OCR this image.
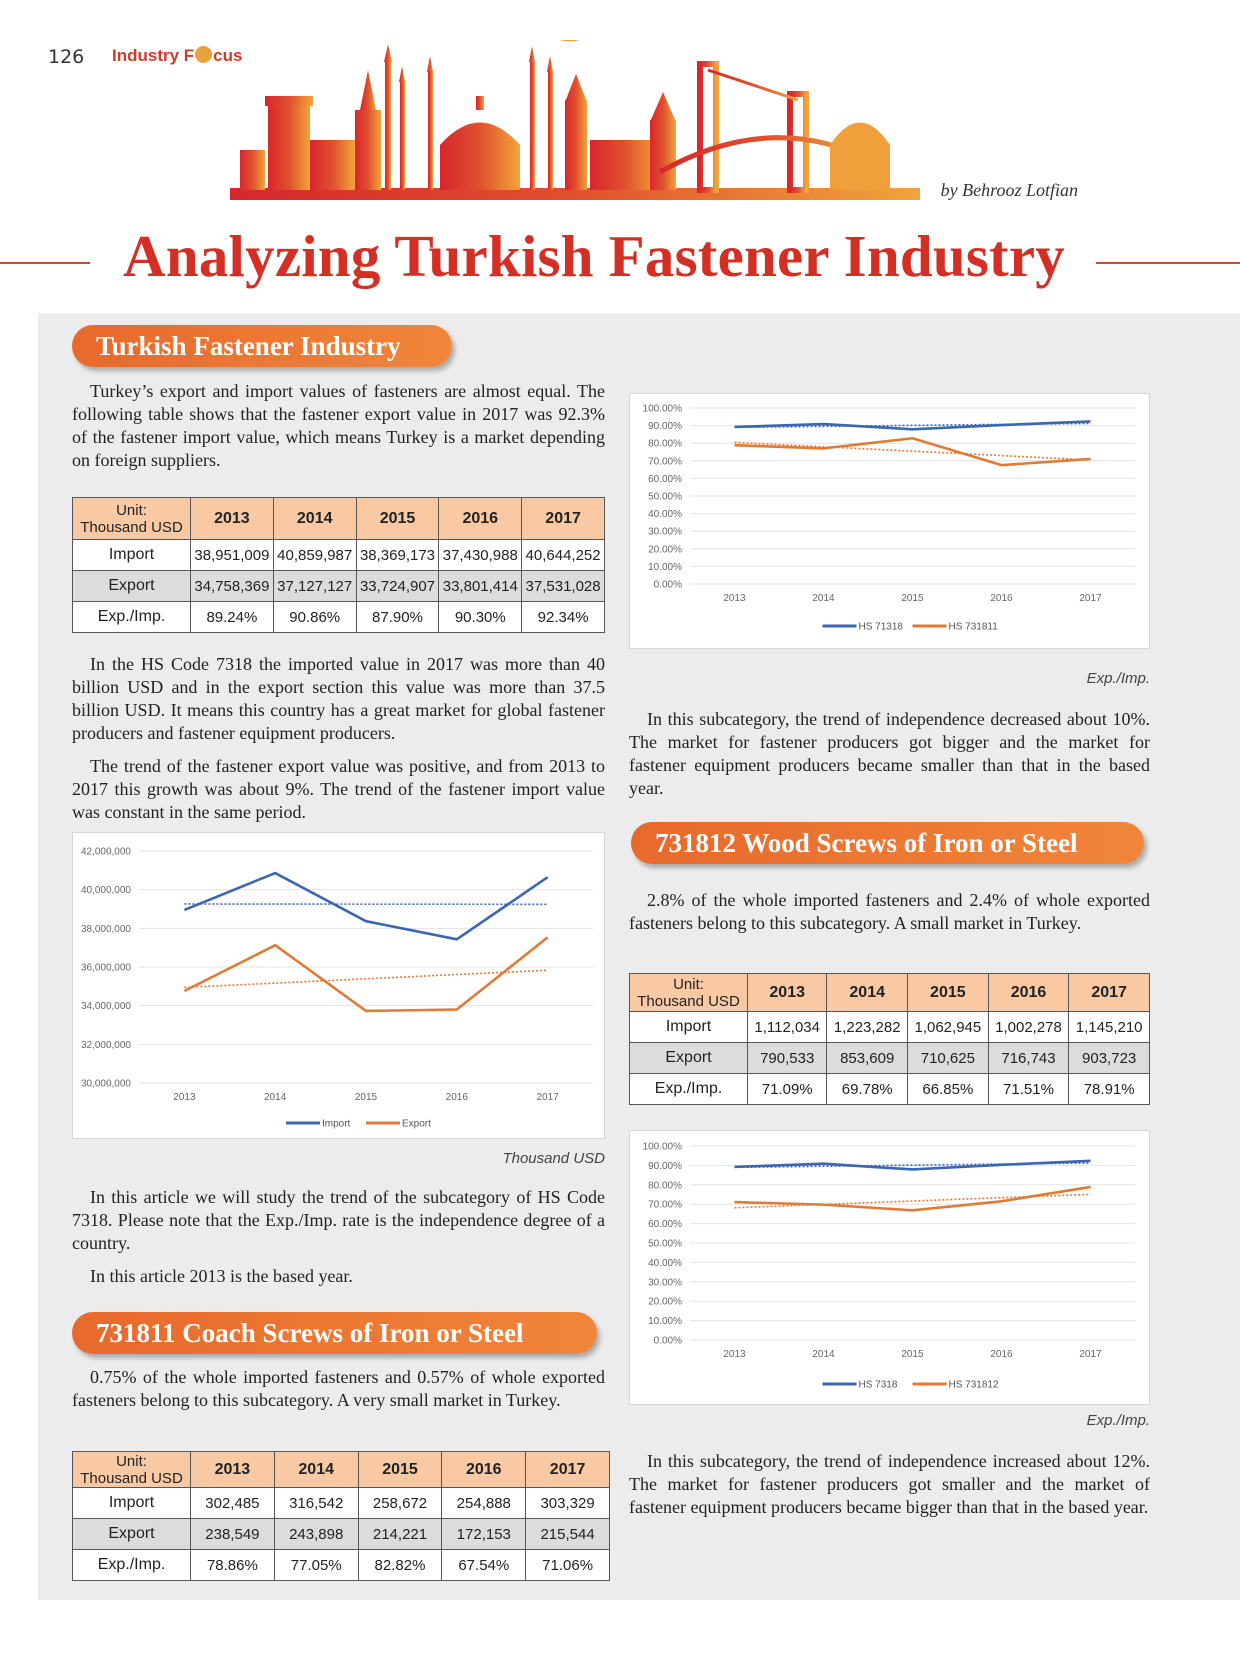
126 Industry F cus
by Behrooz Lotfian
Analyzing Turkish Fastener Industry
Turkish Fastener Industry

Turkey’s export and import values of fasteners are almost equal. The following table shows that the fastener export value in 2017 was 92.3% of the fastener import value, which means Turkey is a market depending on foreign suppliers.

Unit:
Thousand USD	2013	2014	2015	2016	2017
Import	38,951,009	40,859,987	38,369,173	37,430,988	40,644,252
Export	34,758,369	37,127,127	33,724,907	33,801,414	37,531,028
Exp./Imp.	89.24%	90.86%	87.90%	90.30%	92.34%

In the HS Code 7318 the imported value in 2017 was more than 40 billion USD and in the export section this value was more than 37.5 billion USD. It means this country has a great market for global fastener producers and fastener equipment producers.

The trend of the fastener export value was positive, and from 2013 to 2017 this growth was about 9%. The trend of the fastener import value was constant in the same period.

30,000,000
32,000,000
34,000,000
36,000,000
38,000,000
40,000,000
42,000,000
2013	2014	2015	2016	2017
Import	Export
Thousand USD

In this article we will study the trend of the subcategory of HS Code 7318. Please note that the Exp./Imp. rate is the independence degree of a country.

In this article 2013 is the based year.

731811 Coach Screws of Iron or Steel

0.75% of the whole imported fasteners and 0.57% of whole exported fasteners belong to this subcategory. A very small market in Turkey.

Unit:
Thousand USD	2013	2014	2015	2016	2017
Import	302,485	316,542	258,672	254,888	303,329
Export	238,549	243,898	214,221	172,153	215,544
Exp./Imp.	78.86%	77.05%	82.82%	67.54%	71.06%
0.00%
10.00%
20.00%
30.00%
40.00%
50.00%
60.00%
70.00%
80.00%
90.00%
100.00%
2013	2014	2015	2016	2017
HS 71318	HS 731811
Exp./Imp.

In this subcategory, the trend of independence decreased about 10%. The market for fastener producers got bigger and the market for fastener equipment producers became smaller than that in the based year.

731812 Wood Screws of Iron or Steel

2.8% of the whole imported fasteners and 2.4% of whole exported fasteners belong to this subcategory. A small market in Turkey.

Unit:
Thousand USD	2013	2014	2015	2016	2017
Import	1,112,034	1,223,282	1,062,945	1,002,278	1,145,210
Export	790,533	853,609	710,625	716,743	903,723
Exp./Imp.	71.09%	69.78%	66.85%	71.51%	78.91%
0.00%
10.00%
20.00%
30.00%
40.00%
50.00%
60.00%
70.00%
80.00%
90.00%
100.00%
2013	2014	2015	2016	2017
HS 7318	HS 731812
Exp./Imp.

In this subcategory, the trend of independence increased about 12%. The market for fastener producers got smaller and the market of fastener equipment producers became bigger than that in the based year.
